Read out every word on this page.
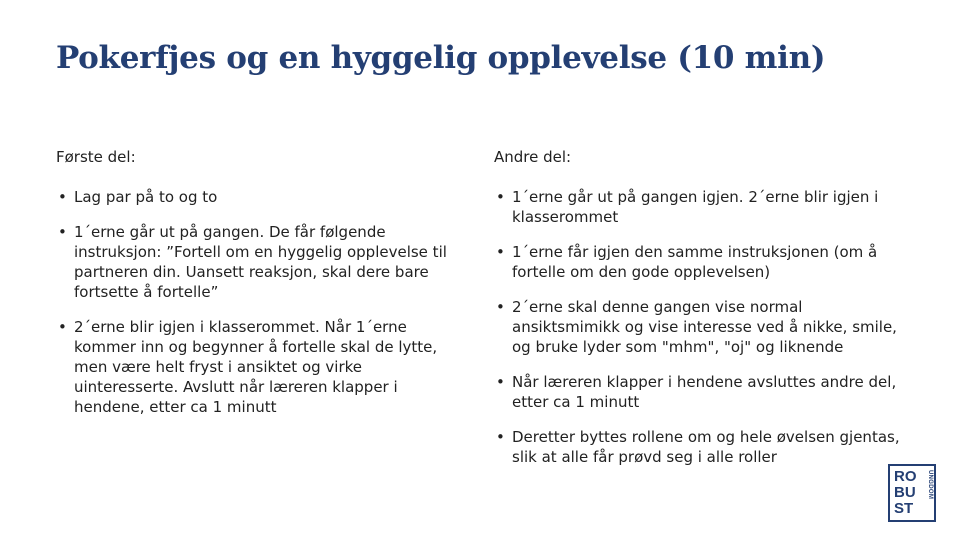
Pokerfjes og en hyggelig opplevelse (10 min)
Første del:
• Lag par på to og to
• 1´erne går ut på gangen. De får følgende instruksjon: ”Fortell om en hyggelig opplevelse til partneren din. Uansett reaksjon, skal dere bare fortsette å fortelle”
• 2´erne blir igjen i klasserommet. Når 1´erne kommer inn og begynner å fortelle skal de lytte, men være helt fryst i ansiktet og virke uinteresserte. Avslutt når læreren klapper i hendene, etter ca 1 minutt
Andre del:
• 1´erne går ut på gangen igjen. 2´erne blir igjen i klasserommet
• 1´erne får igjen den samme instruksjonen (om å fortelle om den gode opplevelsen)
• 2´erne skal denne gangen vise normal ansiktsmimikk og vise interesse ved å nikke, smile, og bruke lyder som "mhm", "oj" og liknende
• Når læreren klapper i hendene avsluttes andre del, etter ca 1 minutt
• Deretter byttes rollene om og hele øvelsen gjentas, slik at alle får prøvd seg i alle roller
RO
BU
ST
UNGDOM
